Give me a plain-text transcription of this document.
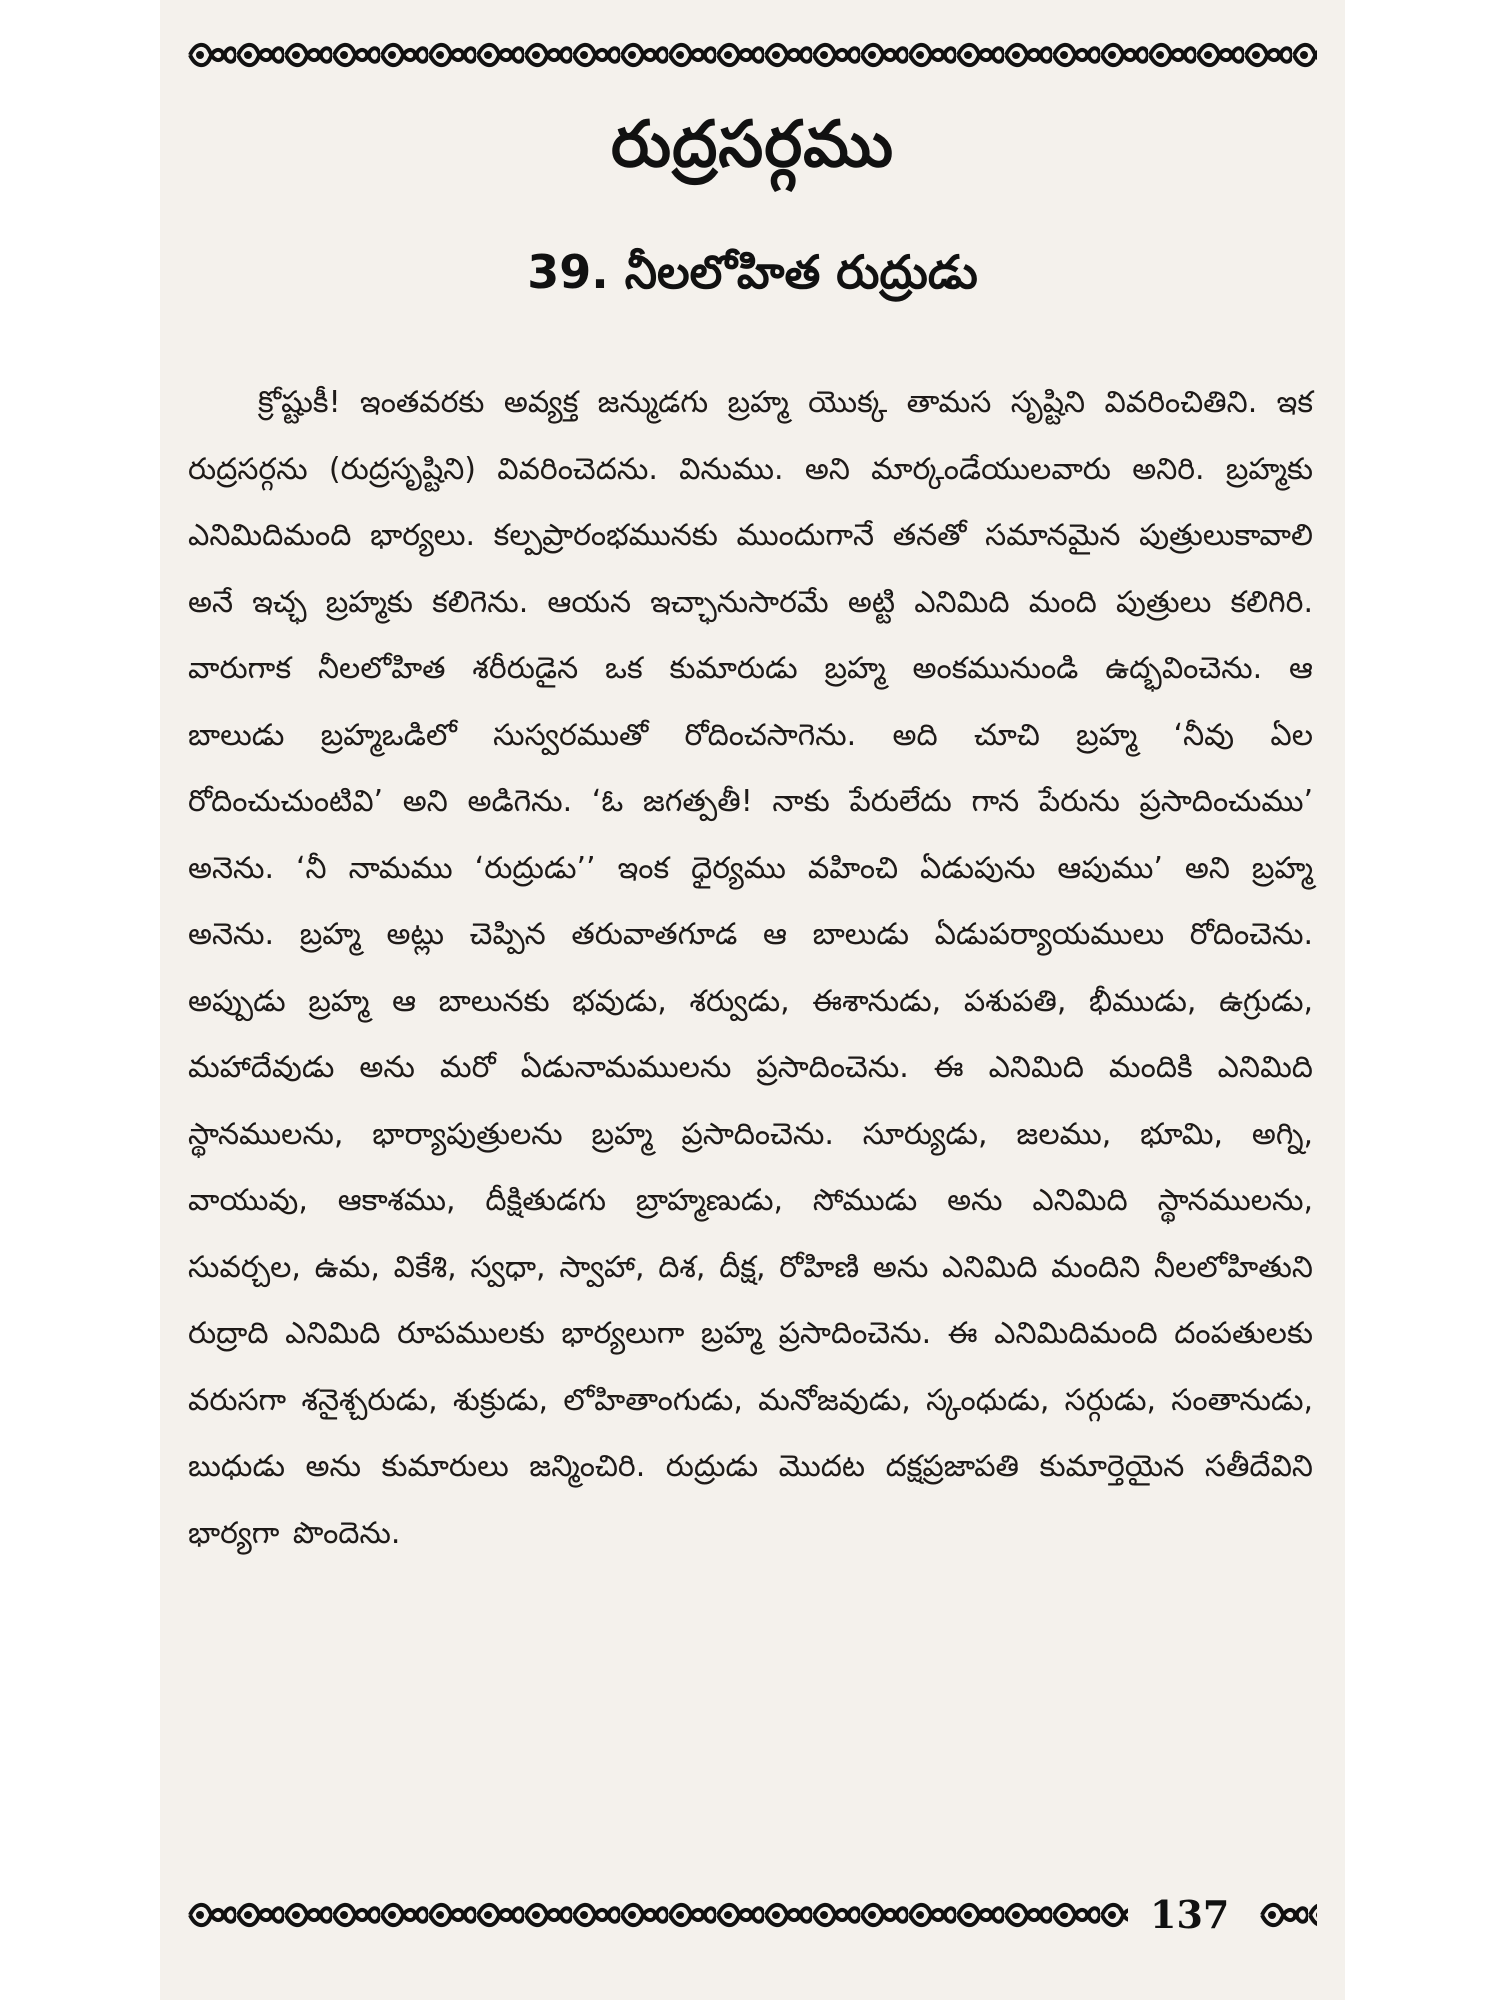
రుద్రసర్గము
39. నీలలోహిత రుద్రుడు

క్రోష్టుకీ! ఇంతవరకు అవ్యక్త జన్ముడగు బ్రహ్మ యొక్క తామస సృష్టిని వివరించితిని. ఇక రుద్రసర్గను (రుద్రసృష్టిని) వివరించెదను. వినుము. అని మార్కండేయులవారు అనిరి. బ్రహ్మకు ఎనిమిదిమంది భార్యలు. కల్పప్రారంభమునకు ముందుగానే తనతో సమానమైన పుత్రులుకావాలి అనే ఇచ్ఛ బ్రహ్మకు కలిగెను. ఆయన ఇచ్ఛానుసారమే అట్టి ఎనిమిది మంది పుత్రులు కలిగిరి. వారుగాక నీలలోహిత శరీరుడైన ఒక కుమారుడు బ్రహ్మ అంకమునుండి ఉద్భవించెను. ఆ బాలుడు బ్రహ్మఒడిలో సుస్వరముతో రోదించసాగెను. అది చూచి బ్రహ్మ ‘నీవు ఏల రోదించుచుంటివి’ అని అడిగెను. ‘ఓ జగత్పతీ! నాకు పేరులేదు గాన పేరును ప్రసాదించుము’ అనెను. ‘నీ నామము ‘రుద్రుడు’’ ఇంక ధైర్యము వహించి ఏడుపును ఆపుము’ అని బ్రహ్మ అనెను. బ్రహ్మ అట్లు చెప్పిన తరువాతగూడ ఆ బాలుడు ఏడుపర్యాయములు రోదించెను. అప్పుడు బ్రహ్మ ఆ బాలునకు భవుడు, శర్వుడు, ఈశానుడు, పశుపతి, భీముడు, ఉగ్రుడు, మహాదేవుడు అను మరో ఏడునామములను ప్రసాదించెను. ఈ ఎనిమిది మందికి ఎనిమిది స్థానములను, భార్యాపుత్రులను బ్రహ్మ ప్రసాదించెను. సూర్యుడు, జలము, భూమి, అగ్ని, వాయువు, ఆకాశము, దీక్షితుడగు బ్రాహ్మణుడు, సోముడు అను ఎనిమిది స్థానములను, సువర్చల, ఉమ, వికేశి, స్వధా, స్వాహా, దిశ, దీక్ష, రోహిణి అను ఎనిమిది మందిని నీలలోహితుని రుద్రాది ఎనిమిది రూపములకు భార్యలుగా బ్రహ్మ ప్రసాదించెను. ఈ ఎనిమిదిమంది దంపతులకు వరుసగా శనైశ్చరుడు, శుక్రుడు, లోహితాంగుడు, మనోజవుడు, స్కంధుడు, సర్గుడు, సంతానుడు, బుధుడు అను కుమారులు జన్మించిరి. రుద్రుడు మొదట దక్షప్రజాపతి కుమార్తెయైన సతీదేవిని భార్యగా పొందెను.

137
